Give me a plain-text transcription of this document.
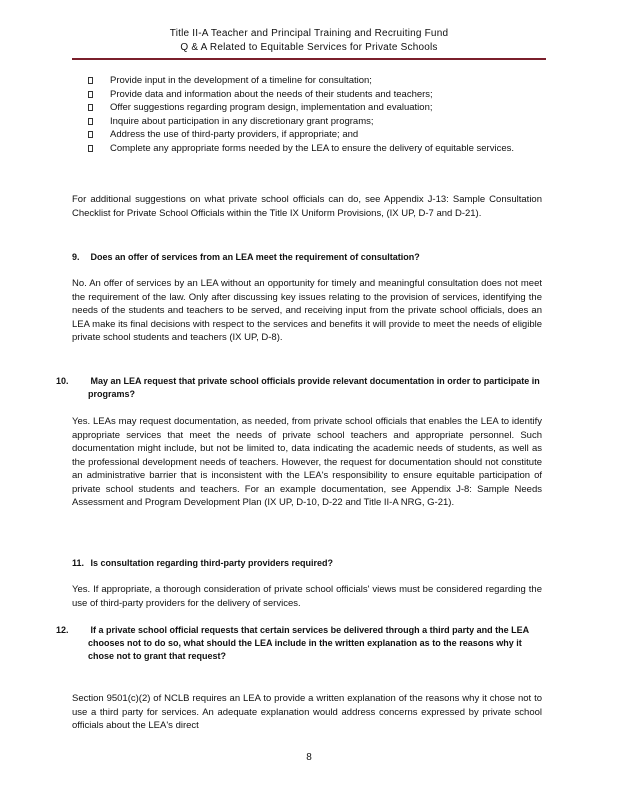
Title II-A Teacher and Principal Training and Recruiting Fund
Q & A Related to Equitable Services for Private Schools
Provide input in the development of a timeline for consultation;
Provide data and information about the needs of their students and teachers;
Offer suggestions regarding program design, implementation and evaluation;
Inquire about participation in any discretionary grant programs;
Address the use of third-party providers, if appropriate; and
Complete any appropriate forms needed by the LEA to ensure the delivery of equitable services.

For additional suggestions on what private school officials can do, see Appendix J-13: Sample Consultation Checklist for Private School Officials within the Title IX Uniform Provisions, (IX UP, D-7 and D-21).

9. Does an offer of services from an LEA meet the requirement of consultation?

No. An offer of services by an LEA without an opportunity for timely and meaningful consultation does not meet the requirement of the law. Only after discussing key issues relating to the provision of services, identifying the needs of the students and teachers to be served, and receiving input from the private school officials, does an LEA make its final decisions with respect to the services and benefits it will provide to meet the needs of eligible private school students and teachers (IX UP, D-8).

10. May an LEA request that private school officials provide relevant documentation in order to participate in programs?

Yes. LEAs may request documentation, as needed, from private school officials that enables the LEA to identify appropriate services that meet the needs of private school teachers and appropriate personnel. Such documentation might include, but not be limited to, data indicating the academic needs of students, as well as the professional development needs of teachers. However, the request for documentation should not constitute an administrative barrier that is inconsistent with the LEA's responsibility to ensure equitable participation of private school students and teachers. For an example documentation, see Appendix J-8: Sample Needs Assessment and Program Development Plan (IX UP, D-10, D-22 and Title II-A NRG, G-21).

11. Is consultation regarding third-party providers required?

Yes. If appropriate, a thorough consideration of private school officials' views must be considered regarding the use of third-party providers for the delivery of services.

12. If a private school official requests that certain services be delivered through a third party and the LEA chooses not to do so, what should the LEA include in the written explanation as to the reasons why it chose not to grant that request?

Section 9501(c)(2) of NCLB requires an LEA to provide a written explanation of the reasons why it chose not to use a third party for services. An adequate explanation would address concerns expressed by private school officials about the LEA's direct

8
